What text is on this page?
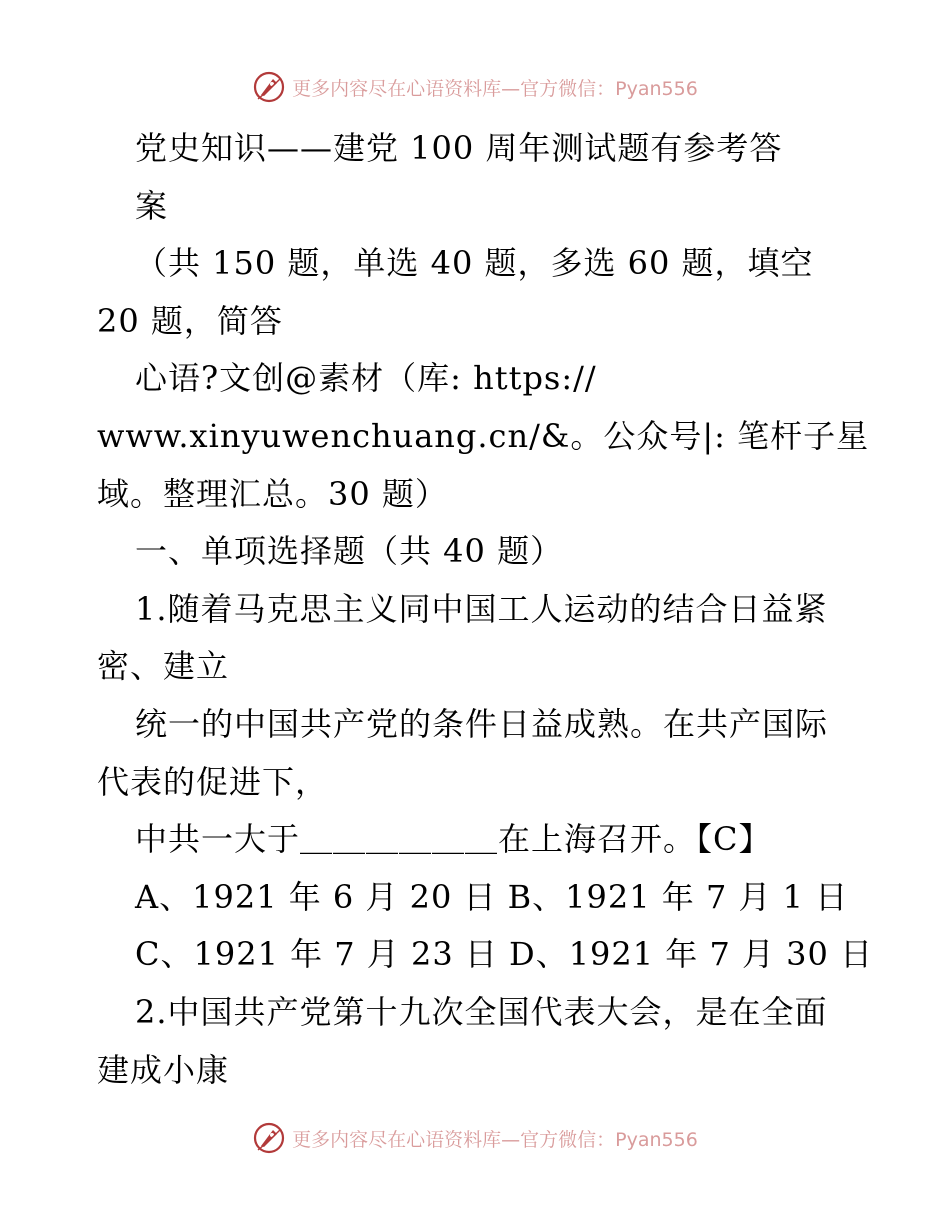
更多内容尽在心语资料库—官方微信：Pyan556
党史知识——建党 100 周年测试题有参考答
案
（共 150 题，单选 40 题，多选 60 题，填空
20 题，简答
心语?文创@素材（库: https://
www.xinyuwenchuang.cn/&。公众号|: 笔杆子星
域。整理汇总。30 题）
一、单项选择题（共 40 题）
1.随着马克思主义同中国工人运动的结合日益紧
密、建立
统一的中国共产党的条件日益成熟。在共产国际
代表的促进下，
中共一大于＿＿＿＿＿＿在上海召开。【C】
A、1921 年 6 月 20 日 B、1921 年 7 月 1 日
C、1921 年 7 月 23 日 D、1921 年 7 月 30 日
2.中国共产党第十九次全国代表大会，是在全面
建成小康
更多内容尽在心语资料库—官方微信：Pyan556
